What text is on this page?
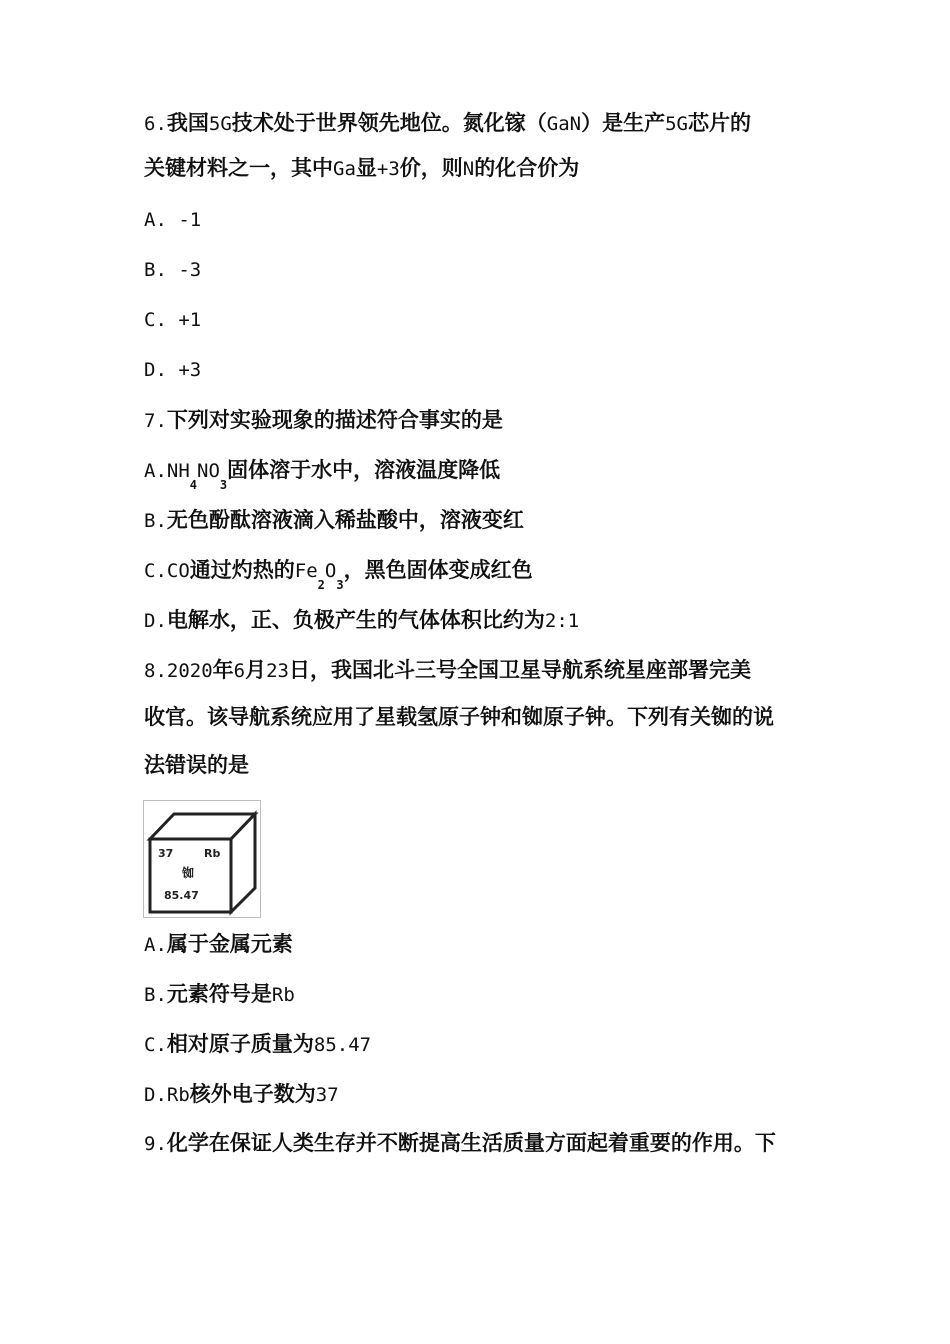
6.我国5G技术处于世界领先地位。氮化镓（GaN）是生产5G芯片的
关键材料之一，其中Ga显+3价，则N的化合价为
A. -1
B. -3
C. +1
D. +3
7.下列对实验现象的描述符合事实的是
$A.NH_4NO_3$固体溶于水中，溶液温度降低
B.无色酚酞溶液滴入稀盐酸中，溶液变红
C.CO通过灼热的$Fe_2O_3$，黑色固体变成红色
D.电解水，正、负极产生的气体体积比约为2:1
8.2020年6月23日，我国北斗三号全国卫星导航系统星座部署完美
收官。该导航系统应用了星载氢原子钟和铷原子钟。下列有关铷的说
法错误的是
37	Rb
铷
85.47
A.属于金属元素
B.元素符号是Rb
C.相对原子质量为85.47
D.Rb核外电子数为37
9.化学在保证人类生存并不断提高生活质量方面起着重要的作用。下
